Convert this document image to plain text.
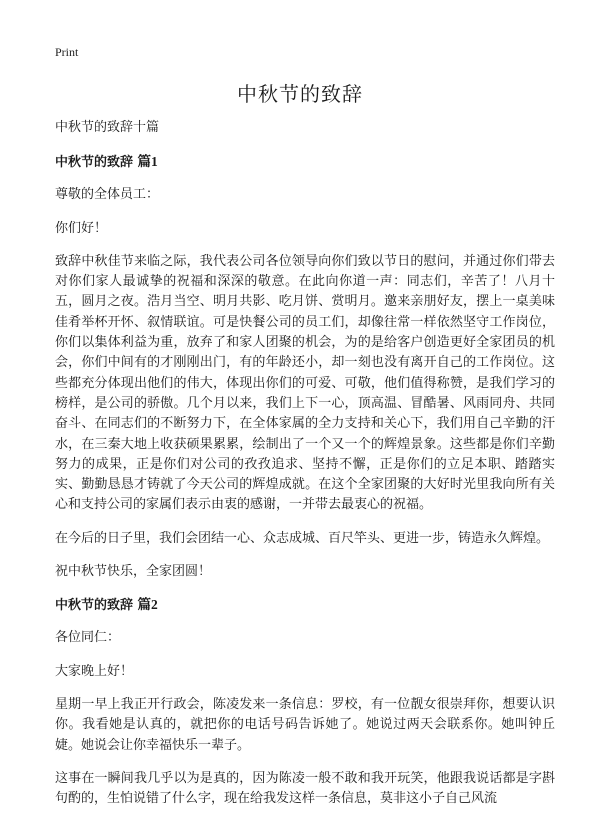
Print
中秋节的致辞

中秋节的致辞十篇

中秋节的致辞 篇1

尊敬的全体员工：

你们好！

致辞中秋佳节来临之际，我代表公司各位领导向你们致以节日的慰问，并通过你们带去对你们家人最诚挚的祝福和深深的敬意。在此向你道一声：同志们，辛苦了！八月十五，圆月之夜。浩月当空、明月共影、吃月饼、赏明月。邀来亲朋好友，摆上一桌美味佳肴举杯开怀、叙情联谊。可是快餐公司的员工们，却像往常一样依然坚守工作岗位，你们以集体利益为重，放弃了和家人团聚的机会，为的是给客户创造更好全家团员的机会，你们中间有的才刚刚出门，有的年龄还小，却一刻也没有离开自己的工作岗位。这些都充分体现出他们的伟大，体现出你们的可爱、可敬，他们值得称赞，是我们学习的榜样，是公司的骄傲。几个月以来，我们上下一心，顶高温、冒酷暑、风雨同舟、共同奋斗、在同志们的不断努力下，在全体家属的全力支持和关心下，我们用自己辛勤的汗水，在三秦大地上收获硕果累累，绘制出了一个又一个的辉煌景象。这些都是你们辛勤努力的成果，正是你们对公司的孜孜追求、坚持不懈，正是你们的立足本职、踏踏实实、勤勤恳恳才铸就了今天公司的辉煌成就。在这个全家团聚的大好时光里我向所有关心和支持公司的家属们表示由衷的感谢，一并带去最衷心的祝福。

在今后的日子里，我们会团结一心、众志成城、百尺竿头、更进一步，铸造永久辉煌。

祝中秋节快乐，全家团圆！

中秋节的致辞 篇2

各位同仁：

大家晚上好！

星期一早上我正开行政会，陈凌发来一条信息：罗校，有一位靓女很崇拜你，想要认识你。我看她是认真的，就把你的电话号码告诉她了。她说过两天会联系你。她叫钟丘婕。她说会让你幸福快乐一辈子。

这事在一瞬间我几乎以为是真的，因为陈凌一般不敢和我开玩笑，他跟我说话都是字斟句酌的，生怕说错了什么字，现在给我发这样一条信息，莫非这小子自己风流
